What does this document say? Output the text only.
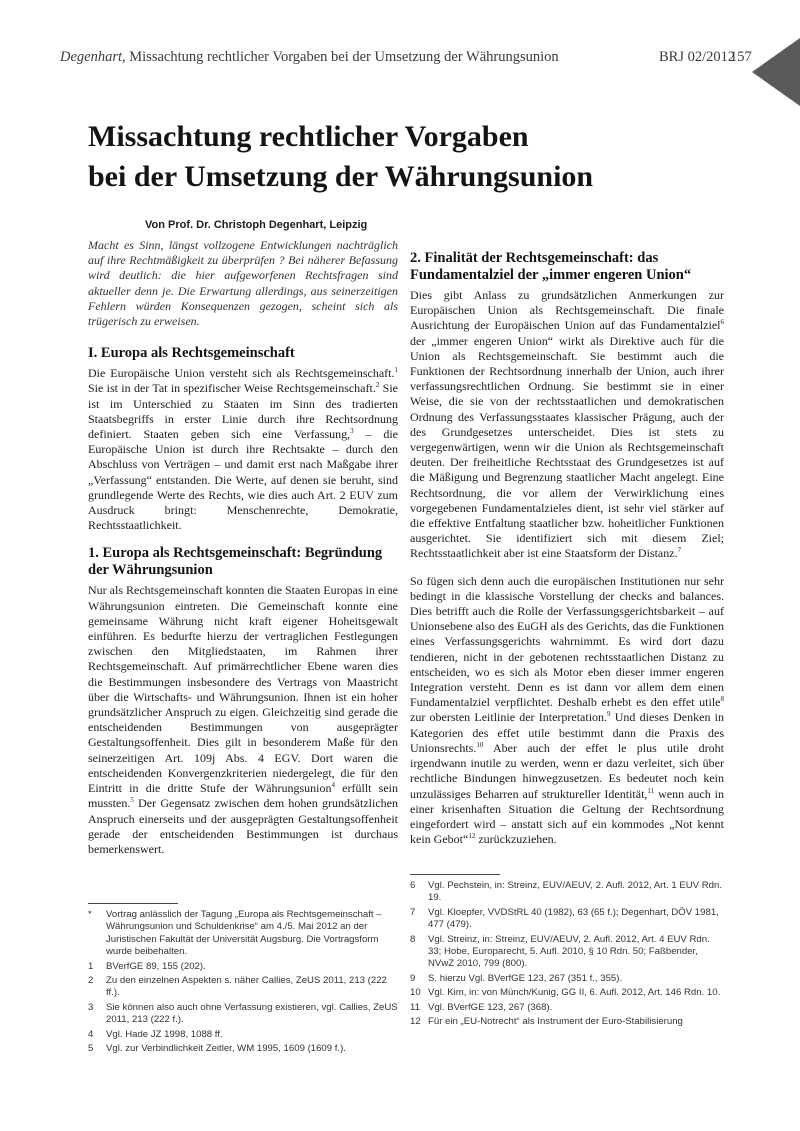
Degenhart, Missachtung rechtlicher Vorgaben bei der Umsetzung der Währungsunion	BRJ 02/2012
157
Missachtung rechtlicher Vorgaben
bei der Umsetzung der Währungsunion
Von Prof. Dr. Christoph Degenhart, Leipzig

Macht es Sinn, längst vollzogene Entwicklungen nachträglich auf ihre Rechtmäßigkeit zu überprüfen ? Bei näherer Befassung wird deutlich: die hier aufgeworfenen Rechtsfragen sind aktueller denn je. Die Erwartung allerdings, aus seinerzeitigen Fehlern würden Konsequenzen gezogen, scheint sich als trügerisch zu erweisen.

I. Europa als Rechtsgemeinschaft

Die Europäische Union versteht sich als Rechtsgemeinschaft.$^1$ Sie ist in der Tat in spezifischer Weise Rechtsgemeinschaft.$^2$ Sie ist im Unterschied zu Staaten im Sinn des tradierten Staatsbegriffs in erster Linie durch ihre Rechtsordnung definiert. Staaten geben sich eine Verfassung,$^3$ – die Europäische Union ist durch ihre Rechtsakte – durch den Abschluss von Verträgen – und damit erst nach Maßgabe ihrer „Verfassung“ entstanden. Die Werte, auf denen sie beruht, sind grundlegende Werte des Rechts, wie dies auch Art. 2 EUV zum Ausdruck bringt: Menschenrechte, Demokratie, Rechtsstaatlichkeit.

1. Europa als Rechtsgemeinschaft: Begründung der Währungsunion

Nur als Rechtsgemeinschaft konnten die Staaten Europas in eine Währungsunion eintreten. Die Gemeinschaft konnte eine gemeinsame Währung nicht kraft eigener Hoheitsgewalt einführen. Es bedurfte hierzu der vertraglichen Festlegungen zwischen den Mitgliedstaaten, im Rahmen ihrer Rechtsgemeinschaft. Auf primärrechtlicher Ebene waren dies die Bestimmungen insbesondere des Vertrags von Maastricht über die Wirtschafts- und Währungsunion. Ihnen ist ein hoher grundsätzlicher Anspruch zu eigen. Gleichzeitig sind gerade die entscheidenden Bestimmungen von ausgeprägter Gestaltungsoffenheit. Dies gilt in besonderem Maße für den seinerzeitigen Art. 109j Abs. 4 EGV. Dort waren die entscheidenden Konvergenzkriterien niedergelegt, die für den Eintritt in die dritte Stufe der Währungsunion$^4$ erfüllt sein mussten.$^5$ Der Gegensatz zwischen dem hohen grundsätzlichen Anspruch einerseits und der ausgeprägten Gestaltungsoffenheit gerade der entscheidenden Bestimmungen ist durchaus bemerkenswert.

2. Finalität der Rechtsgemeinschaft: das Fundamentalziel der „immer engeren Union“

Dies gibt Anlass zu grundsätzlichen Anmerkungen zur Europäischen Union als Rechtsgemeinschaft. Die finale Ausrichtung der Europäischen Union auf das Fundamentalziel$^6$ der „immer engeren Union“ wirkt als Direktive auch für die Union als Rechtsgemeinschaft. Sie bestimmt auch die Funktionen der Rechtsordnung innerhalb der Union, auch ihrer verfassungsrechtlichen Ordnung. Sie bestimmt sie in einer Weise, die sie von der rechtsstaatlichen und demokratischen Ordnung des Verfassungsstaates klassischer Prägung, auch der des Grundgesetzes unterscheidet. Dies ist stets zu vergegenwärtigen, wenn wir die Union als Rechtsgemeinschaft deuten. Der freiheitliche Rechtsstaat des Grundgesetzes ist auf die Mäßigung und Begrenzung staatlicher Macht angelegt. Eine Rechtsordnung, die vor allem der Verwirklichung eines vorgegebenen Fundamentalzieles dient, ist sehr viel stärker auf die effektive Entfaltung staatlicher bzw. hoheitlicher Funktionen ausgerichtet. Sie identifiziert sich mit diesem Ziel; Rechtsstaatlichkeit aber ist eine Staatsform der Distanz.$^7$

So fügen sich denn auch die europäischen Institutionen nur sehr bedingt in die klassische Vorstellung der checks and balances. Dies betrifft auch die Rolle der Verfassungsgerichtsbarkeit – auf Unionsebene also des EuGH als des Gerichts, das die Funktionen eines Verfassungsgerichts wahrnimmt. Es wird dort dazu tendieren, nicht in der gebotenen rechtsstaatlichen Distanz zu entscheiden, wo es sich als Motor eben dieser immer engeren Integration versteht. Denn es ist dann vor allem dem einen Fundamentalziel verpflichtet. Deshalb erhebt es den effet utile$^8$ zur obersten Leitlinie der Interpretation.$^9$ Und dieses Denken in Kategorien des effet utile bestimmt dann die Praxis des Unionsrechts.$^{10}$ Aber auch der effet le plus utile droht irgendwann inutile zu werden, wenn er dazu verleitet, sich über rechtliche Bindungen hinwegzusetzen. Es bedeutet noch kein unzulässiges Beharren auf struktureller Identität,$^{11}$ wenn auch in einer krisenhaften Situation die Geltung der Rechtsordnung eingefordert wird – anstatt sich auf ein kommodes „Not kennt kein Gebot“$^{12}$ zurückzuziehen.

*	Vortrag anlässlich der Tagung „Europa als Rechtsgemeinschaft – Währungsunion und Schuldenkrise“ am 4./5. Mai 2012 an der Juristischen Fakultät der Universität Augsburg. Die Vortragsform wurde beibehalten.
1	BVerfGE 89, 155 (202).
2	Zu den einzelnen Aspekten s. näher Callies, ZeUS 2011, 213 (222 ff.).
3	Sie können also auch ohne Verfassung existieren, vgl. Callies, ZeUS 2011, 213 (222 f.).
4	Vgl. Hade JZ 1998, 1088 ff.
5	Vgl. zur Verbindlichkeit Zeitler, WM 1995, 1609 (1609 f.).
6	Vgl. Pechstein, in: Streinz, EUV/AEUV, 2. Aufl. 2012, Art. 1 EUV Rdn. 19.
7	Vgl. Kloepfer, VVDStRL 40 (1982), 63 (65 f.); Degenhart, DÖV 1981, 477 (479).
8	Vgl. Streinz, in: Streinz, EUV/AEUV, 2. Aufl. 2012, Art. 4 EUV Rdn. 33; Hobe, Europarecht, 5. Aufl. 2010, § 10 Rdn. 50; Faßbender, NVwZ 2010, 799 (800).
9	S. hierzu Vgl. BVerfGE 123, 267 (351 f., 355).
10 Vgl. Kim, in: von Münch/Kunig, GG II, 6. Aufl. 2012, Art. 146 Rdn. 10.
11 Vgl. BVerfGE 123, 267 (368).
12 Für ein „EU-Notrecht“ als Instrument der Euro-Stabilisierung
